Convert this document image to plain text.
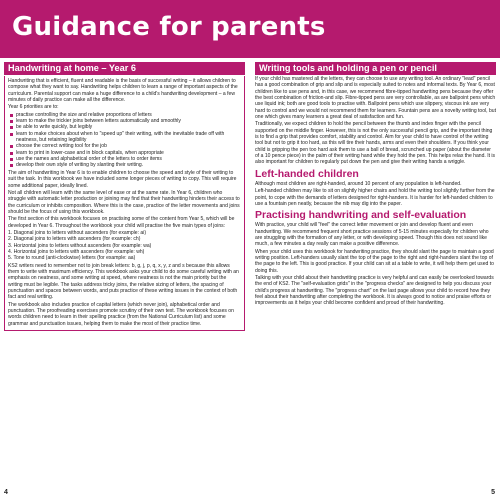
Guidance for parents
Handwriting at home – Year 6

Handwriting that is efficient, fluent and readable is the basis of successful writing – it allows children to compose what they want to say. Handwriting helps children to learn a range of important aspects of the curriculum. Parental support can make a huge difference to a child's handwriting development – a few minutes of daily practice can make all the difference.

Year 6 priorities are to:

practise controlling the size and relative proportions of letters
learn to make the trickier joins between letters automatically and smoothly
be able to write quickly, but legibly
learn to make choices about when to "speed up" their writing, with the inevitable trade off with neatness, but retaining legibility
choose the correct writing tool for the job
learn to print in lower-case and in block capitals, when appropriate
use the names and alphabetical order of the letters to order items
develop their own style of writing by slanting their writing.

The aim of handwriting in Year 6 is to enable children to choose the speed and style of their writing to suit the task. In this workbook we have included some longer pieces of writing to copy. This will require some additional paper, ideally lined.

Not all children will learn with the same level of ease or at the same rate. In Year 6, children who struggle with automatic letter production or joining may find that their handwriting hinders their access to the curriculum or inhibits composition. Where this is the case, practice of the letter movements and joins should be the focus of using this workbook.

The first section of this workbook focuses on practising some of the content from Year 5, which will be developed in Year 6. Throughout the workbook your child will practise the five main types of joins:

1. Diagonal joins to letters without ascenders (for example: ai)
2. Diagonal joins to letters with ascenders (for example: ch)
3. Horizontal joins to letters without ascenders (for example: wa)
4. Horizontal joins to letters with ascenders (for example: wh)
5. Tone to round (anti-clockwise) letters (for example: aa)

KS2 writers need to remember not to join break letters: b, g, j, p, q, x, y, z and s because this allows them to write with maximum efficiency. This workbook asks your child to do some careful writing with an emphasis on neatness, and some writing at speed, where neatness is not the main priority but the writing must be legible. The tasks address tricky joins, the relative sizing of letters, the spacing of punctuation and spaces between words, and puts practice of these writing issues in the context of both fact and real writing.

The workbook also includes practice of capital letters (which never join), alphabetical order and punctuation. The proofreading exercises promote scrutiny of their own text. The workbook focuses on words children need to learn in their spelling practice (from the National Curriculum list) and some grammar and punctuation issues, helping them to make the most of their practice time.

Writing tools and holding a pen or pencil

If your child has mastered all the letters, they can choose to use any writing tool. An ordinary "lead" pencil has a good combination of grip and slip and is especially suited to notes and informal texts. By Year 6, most children like to use pens and, in this case, we recommend fibre-tipped handwriting pens because they offer the best combination of friction-and slip. Fibre-tipped pens are very controllable, as are ballpoint pens which use liquid ink; both are good tools to practise with. Ballpoint pens which use slippery, viscous ink are very hard to control and we would not recommend them for learners. Fountain pens are a novelty writing tool, but one which gives many learners a great deal of satisfaction and fun.

Traditionally, we expect children to hold the pencil between the thumb and index finger with the pencil supported on the middle finger. However, this is not the only successful pencil grip, and the important thing is to find a grip that provides comfort, stability and control. Aim for your child to have control of the writing tool but not to grip it too hard, as this will tire their hands, arms and even their shoulders. If you think your child is gripping the pen too hard ask them to use a ball of bread, scrunched up paper (about the diameter of a 10 pence piece) in the palm of their writing hand while they hold the pen. This helps relax the hand. It is also important for children to regularly put down the pen and give their writing hands a wriggle.

Left-handed children

Although most children are right-handed, around 10 percent of any population is left-handed.

Left-handed children may like to sit on slightly higher chairs and hold the writing tool slightly further from the point, to cope with the demands of letters designed for right-handers. It is harder for left-handed children to use a fountain pen neatly, because the nib may dig into the paper.

Practising handwriting and self-evaluation

With practice, your child will "feel" the correct letter movement or join and develop fluent and even handwriting. We recommend frequent short practice sessions of 5-15 minutes especially for children who are struggling with the formation of any letter, or with developing speed. Though this does not sound like much, a few minutes a day really can make a positive difference.

When your child uses this workbook for handwriting practice, they should slant the page to maintain a good writing position. Left-handers usually slant the top of the page to the right and right-handers slant the top of the page to the left. This is good practice. If your child can sit at a table to write, it will help them get used to doing this.

Talking with your child about their handwriting practice is very helpful and can easily be overlooked towards the end of KS2. The "self-evaluation grids" in the "progress checks" are designed to help you discuss your child's progress at handwriting. The "progress chart" on the last page allows your child to record how they feel about their handwriting after completing the workbook. It is always good to notice and praise efforts or improvements as it helps your child become confident and proud of their handwriting.

4	5
